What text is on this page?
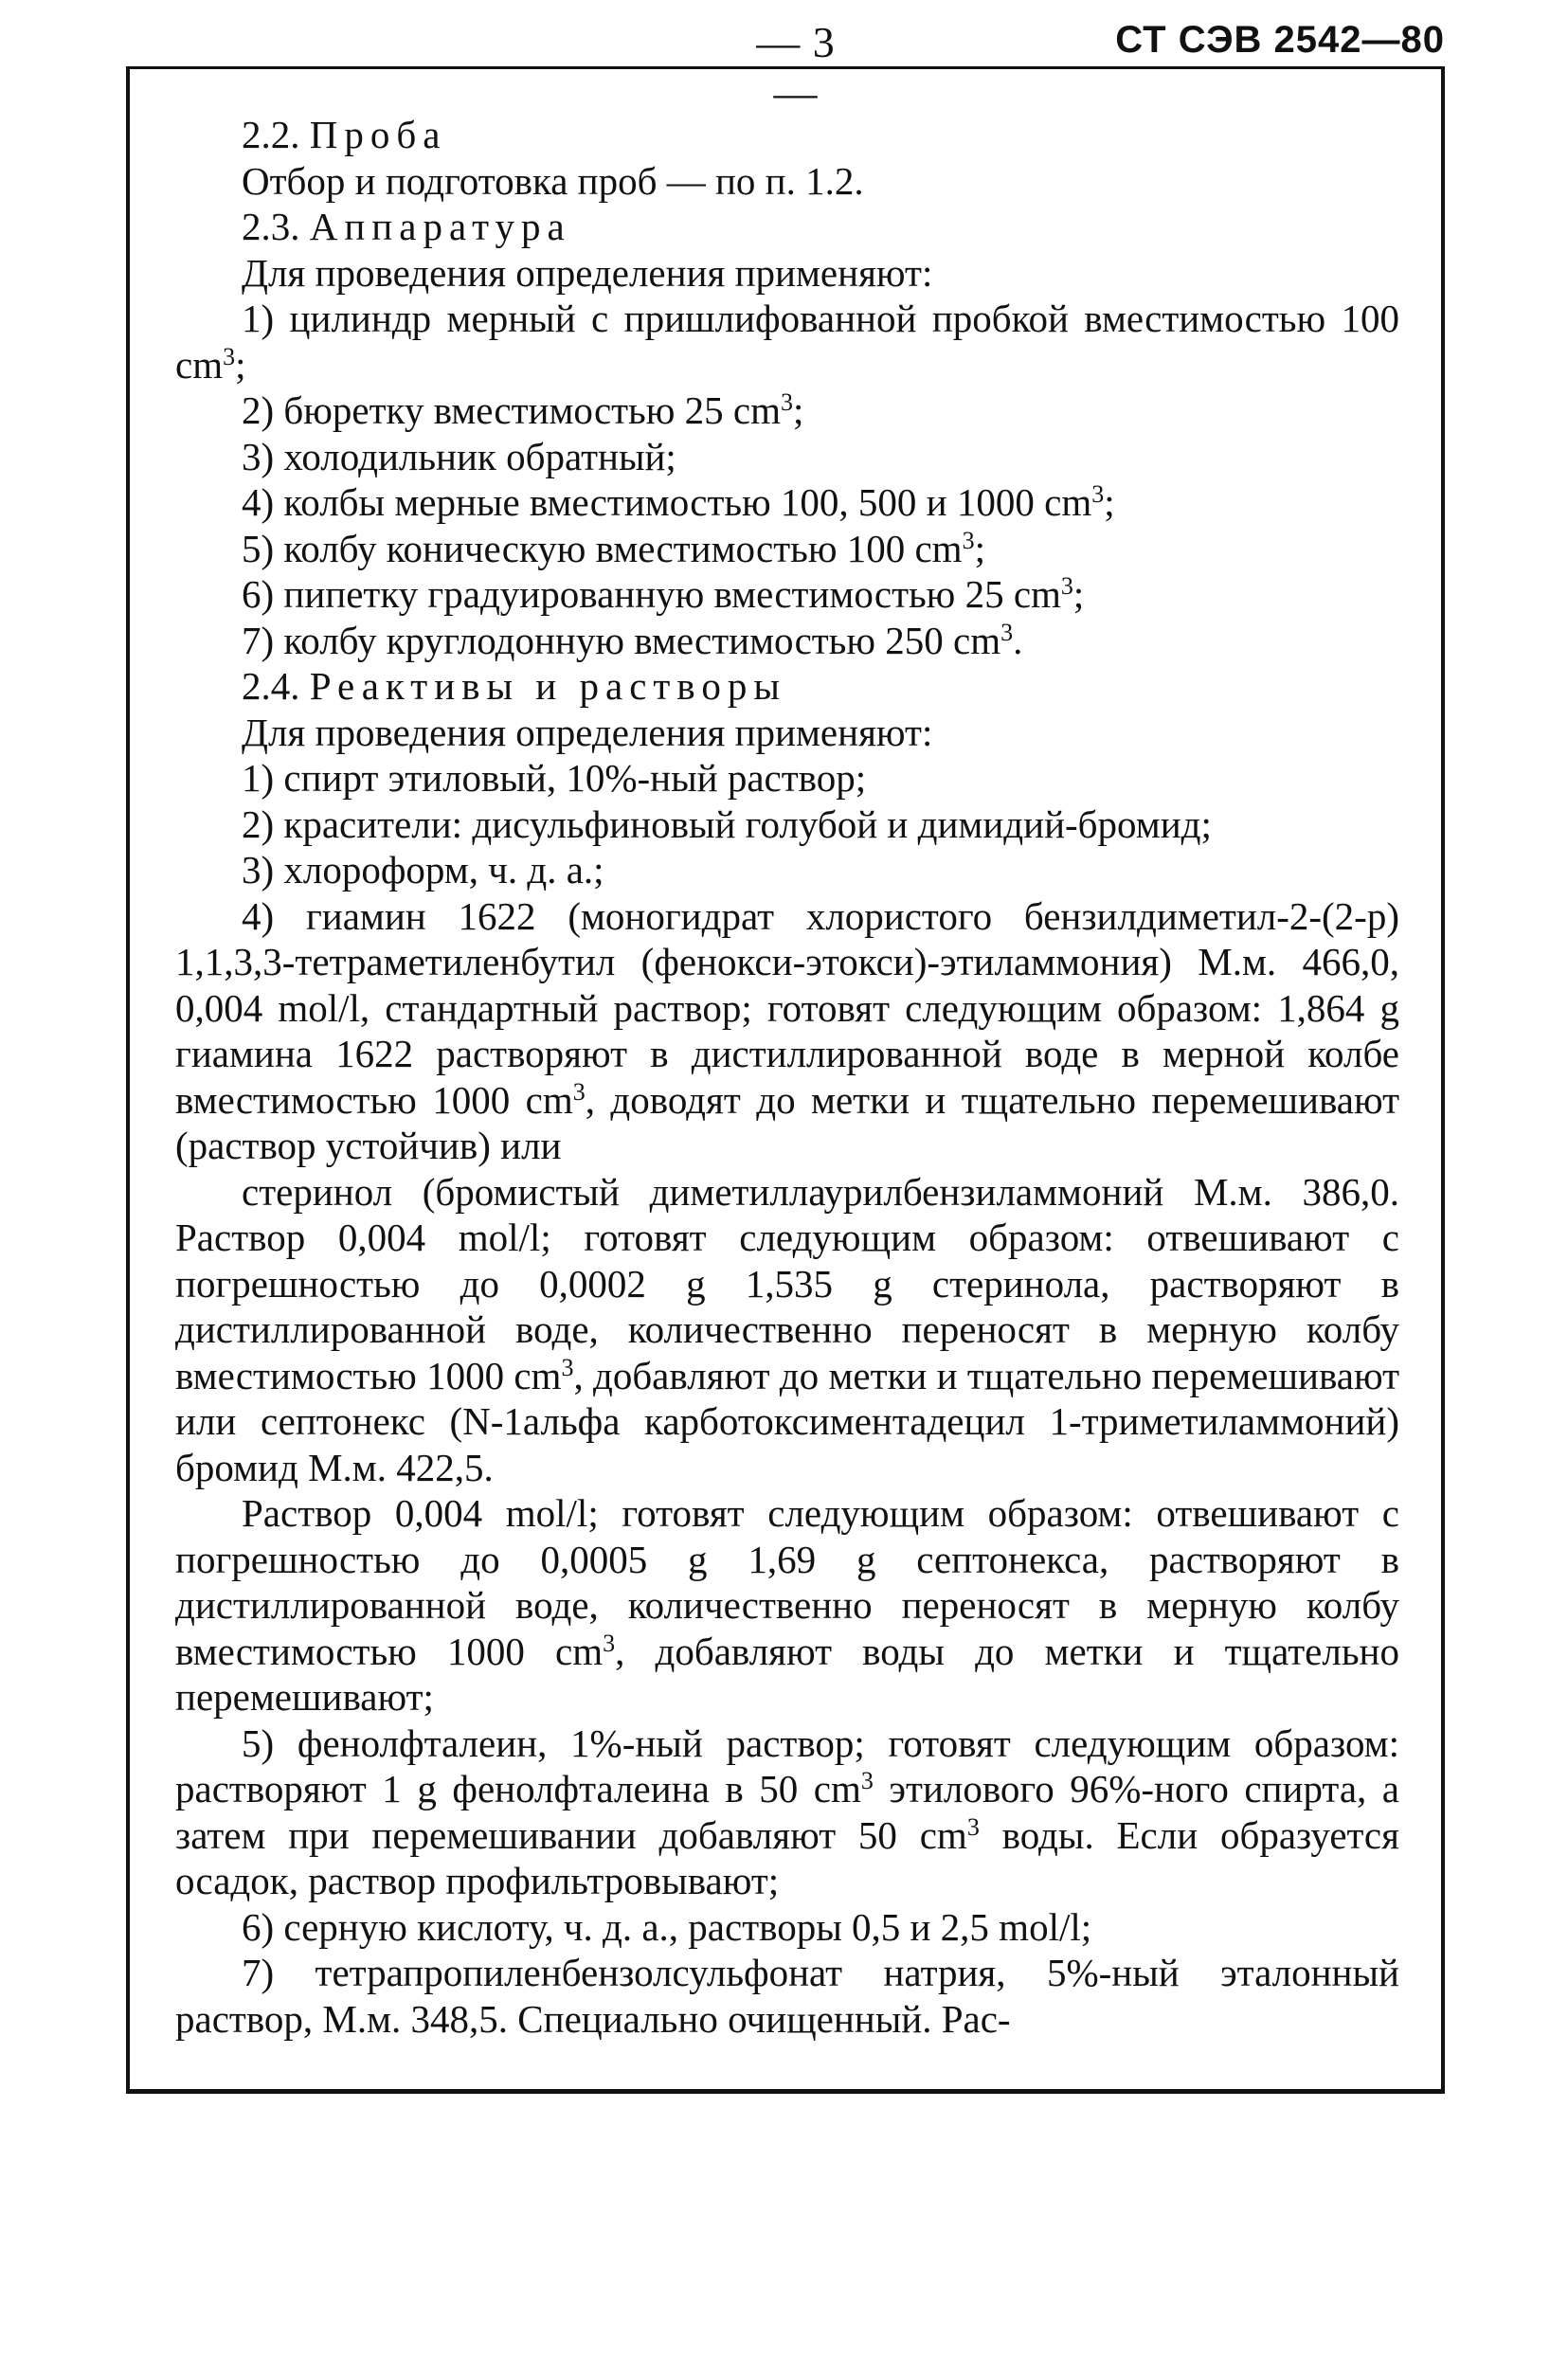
— 3 —
СТ СЭВ 2542—80

2.2. Проба

Отбор и подготовка проб — по п. 1.2.

2.3. Аппаратура

Для проведения определения применяют:

1) цилиндр мерный с пришлифованной пробкой вместимостью 100 $cm^3$;

2) бюретку вместимостью 25 $cm^3$;

3) холодильник обратный;

4) колбы мерные вместимостью 100, 500 и 1000 $cm^3$;

5) колбу коническую вместимостью 100 $cm^3$;

6) пипетку градуированную вместимостью 25 $cm^3$;

7) колбу круглодонную вместимостью 250 $cm^3$.

2.4. Реактивы и растворы

Для проведения определения применяют:

1) спирт этиловый, 10%-ный раствор;

2) красители: дисульфиновый голубой и димидий-бромид;

3) хлороформ, ч. д. а.;

4) гиамин 1622 (моногидрат хлористого бензилдиметил-2-(2-р) 1,1,3,3-тетраметиленбутил (фенокси-этокси)-этиламмония) М.м. 466,0, 0,004 mol/l, стандартный раствор; готовят следующим образом: 1,864 g гиамина 1622 растворяют в дистиллированной воде в мерной колбе вместимостью 1000 $cm^3$, доводят до метки и тщательно перемешивают (раствор устойчив) или

стеринол (бромистый диметиллаурилбензиламмоний М.м. 386,0. Раствор 0,004 mol/l; готовят следующим образом: отвешивают с погрешностью до 0,0002 g 1,535 g стеринола, растворяют в дистиллированной воде, количественно переносят в мерную колбу вместимостью 1000 $cm^3$, добавляют до метки и тщательно перемешивают или септонекс (N-1альфа карботоксиментадецил 1-триметиламмоний) бромид М.м. 422,5.

Раствор 0,004 mol/l; готовят следующим образом: отвешивают с погрешностью до 0,0005 g 1,69 g септонекса, растворяют в дистиллированной воде, количественно переносят в мерную колбу вместимостью 1000 $cm^3$, добавляют воды до метки и тщательно перемешивают;

5) фенолфталеин, 1%-ный раствор; готовят следующим образом: растворяют 1 g фенолфталеина в 50 $cm^3$ этилового 96%-ного спирта, а затем при перемешивании добавляют 50 $cm^3$ воды. Если образуется осадок, раствор профильтровывают;

6) серную кислоту, ч. д. а., растворы 0,5 и 2,5 mol/l;

7) тетрапропиленбензолсульфонат натрия, 5%-ный эталонный раствор, М.м. 348,5. Специально очищенный. Рас-
